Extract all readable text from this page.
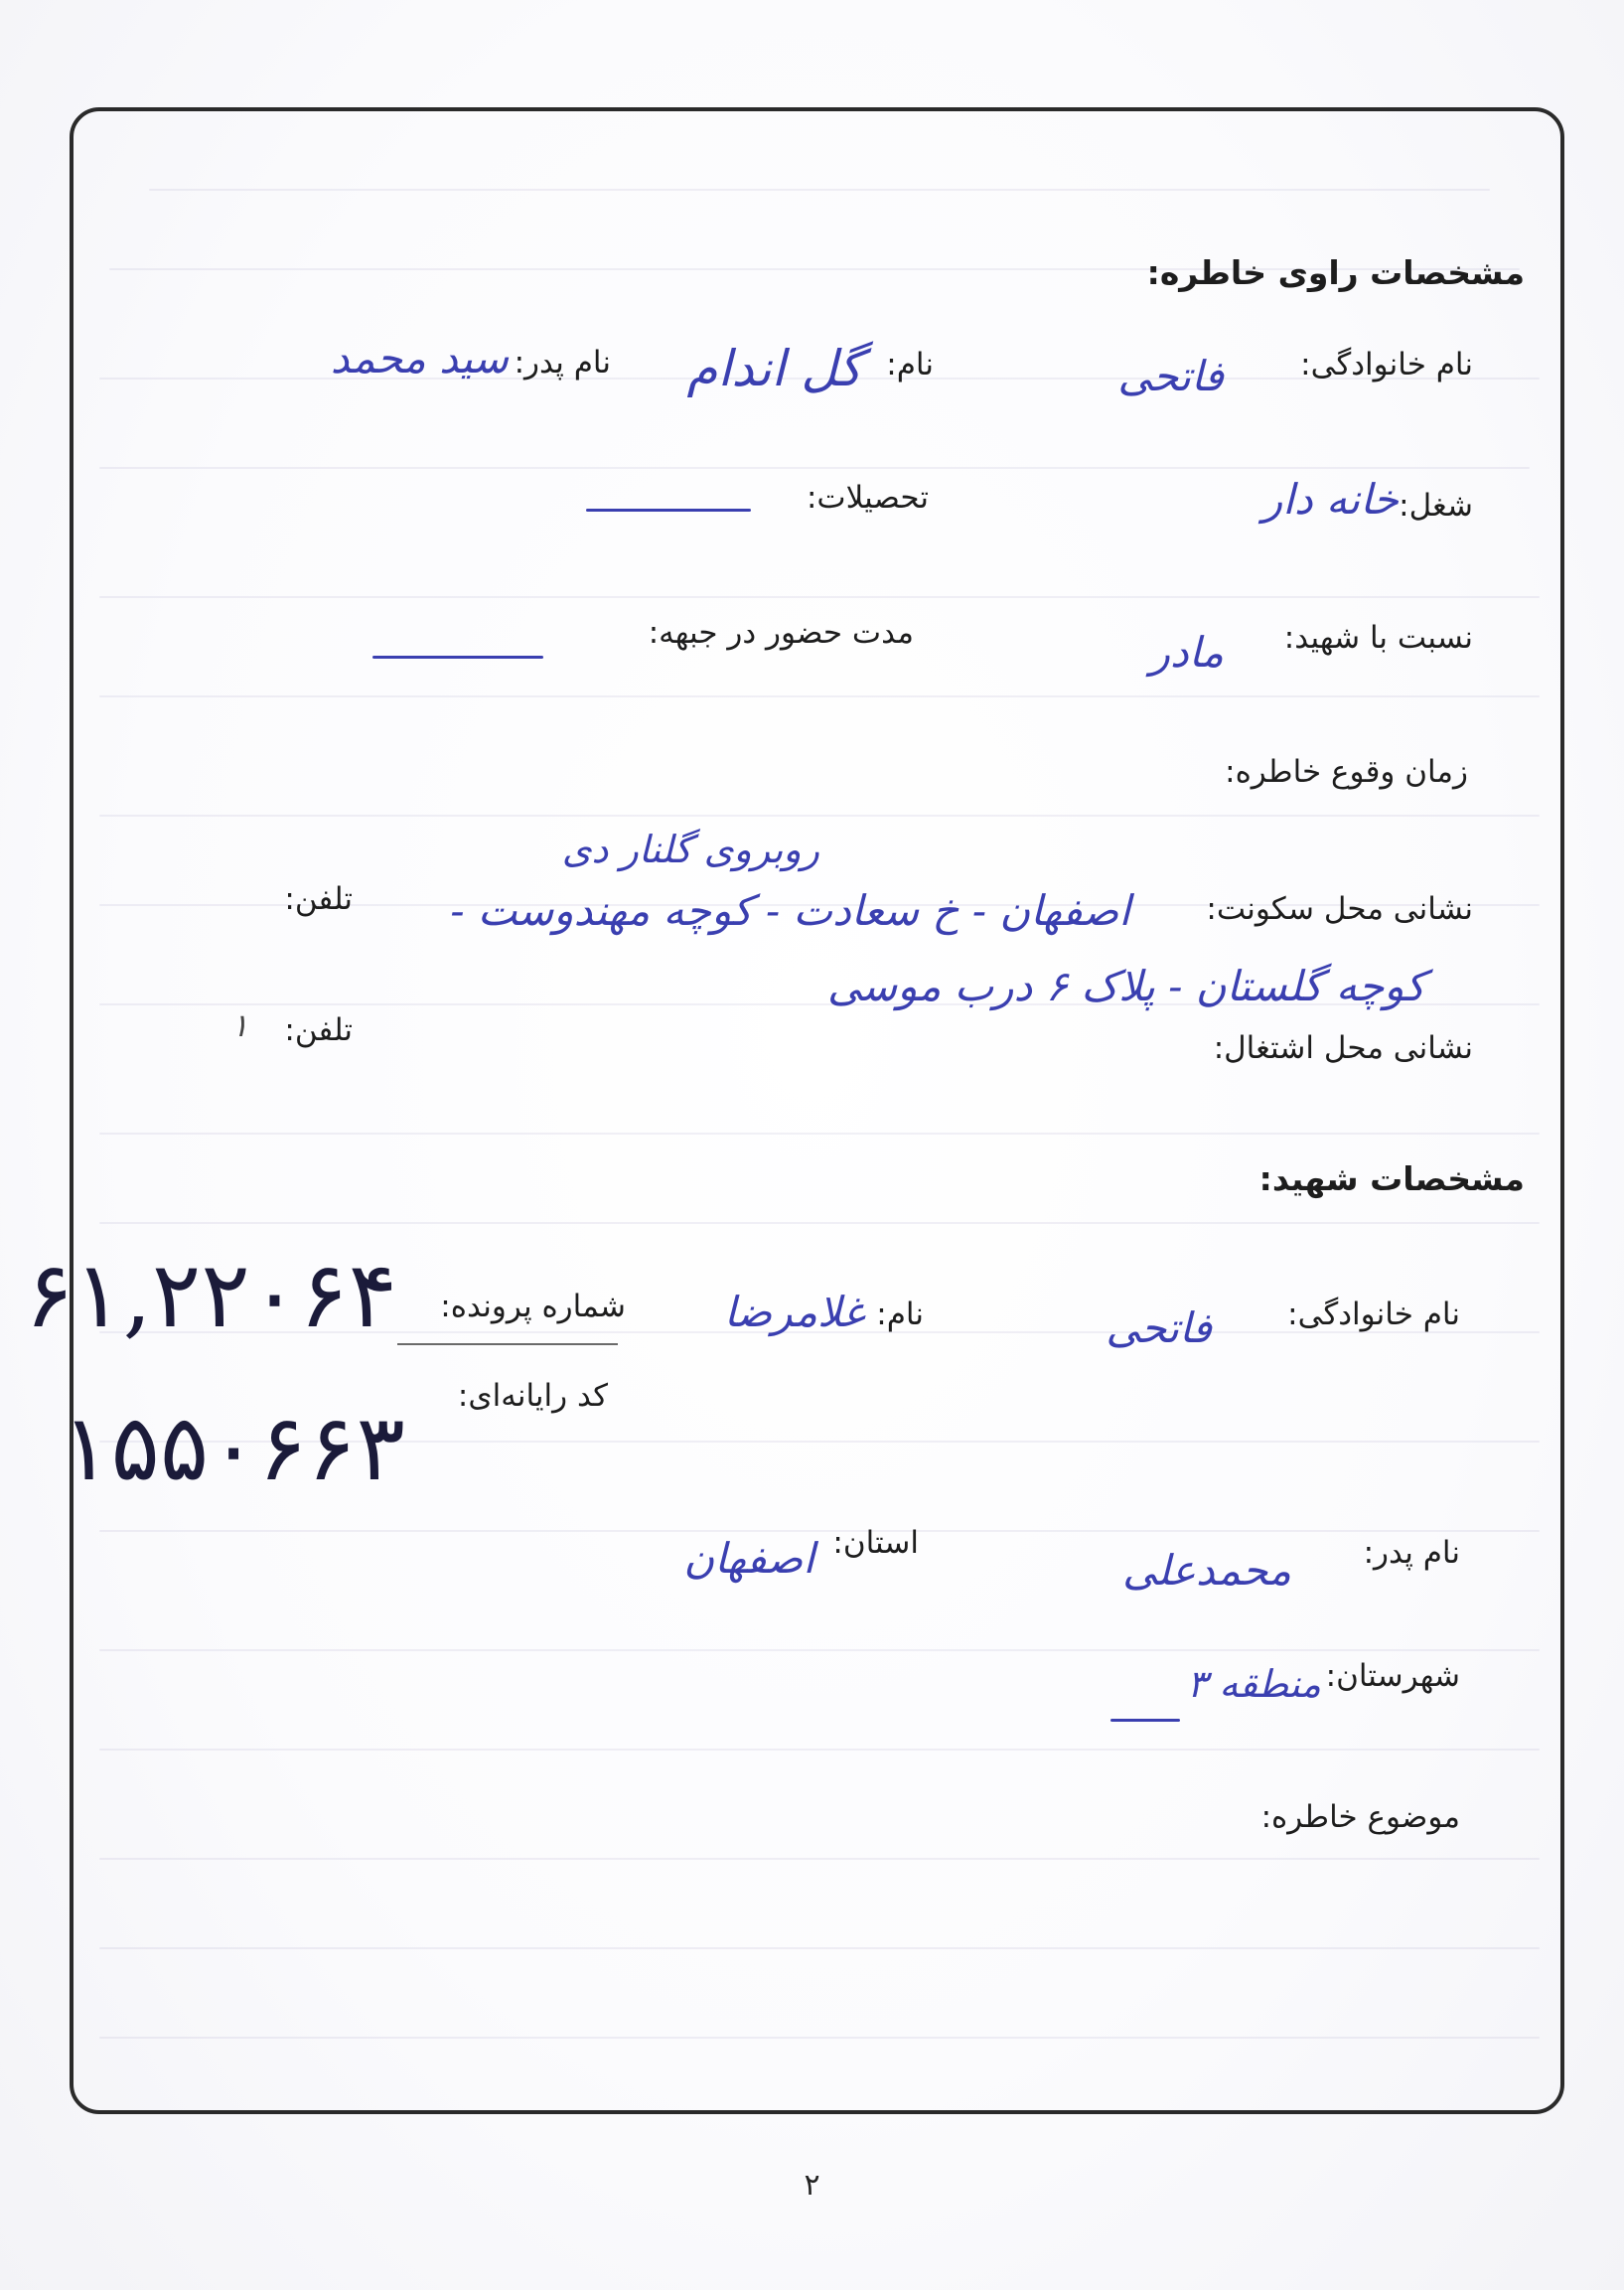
مشخصات راوی خاطره:
نام خانوادگی:
فاتحی
نام:
گل اندام
نام پدر:
سید محمد
شغل:
خانه دار
تحصیلات:
نسبت با شهید:
مادر
مدت حضور در جبهه:
زمان وقوع خاطره:
روبروی گلنار دی
نشانی محل سکونت:
اصفهان - خ سعادت - کوچه مهندوست -
تلفن:
کوچه گلستان - پلاک ۶ درب موسی
نشانی محل اشتغال:
تلفن:
۱
مشخصات شهید:
نام خانوادگی:
فاتحی
نام:
غلامرضا
شماره پرونده:
۶۱,۲۲۰۶۴
کد رایانه‌ای:
۱۵۵۰۶۶۳
نام پدر:
محمدعلی
استان:
اصفهان
شهرستان:
منطقه ۳
موضوع خاطره:
۲
